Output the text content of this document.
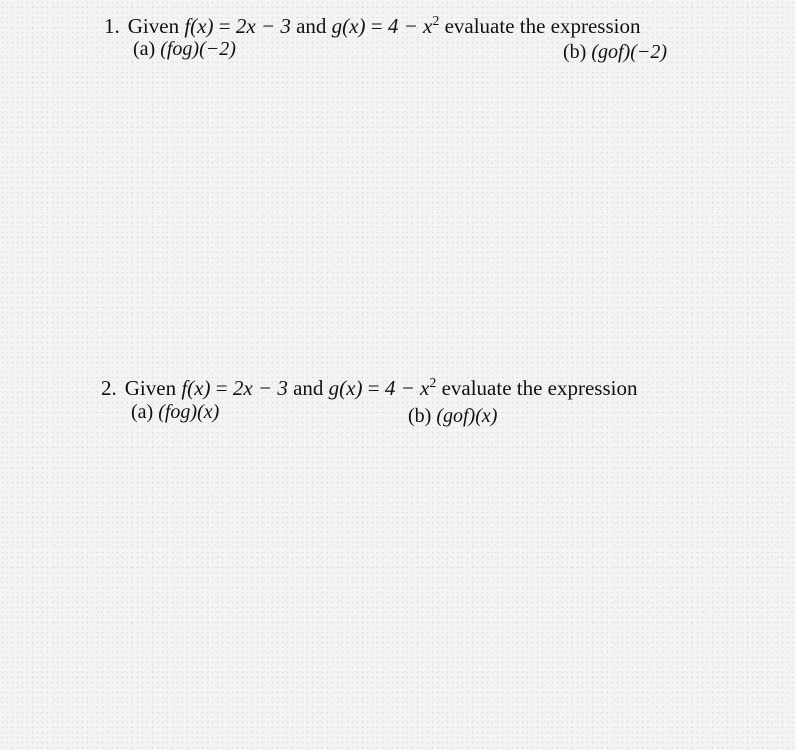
1. Given f(x) = 2x − 3 and $g(x) = 4 - x^2$ evaluate the expression
(a) (fog)(−2)	(b) (gof)(−2)
2. Given f(x) = 2x − 3 and $g(x) = 4 - x^2$ evaluate the expression
(a) (fog)(x)	(b) (gof)(x)
